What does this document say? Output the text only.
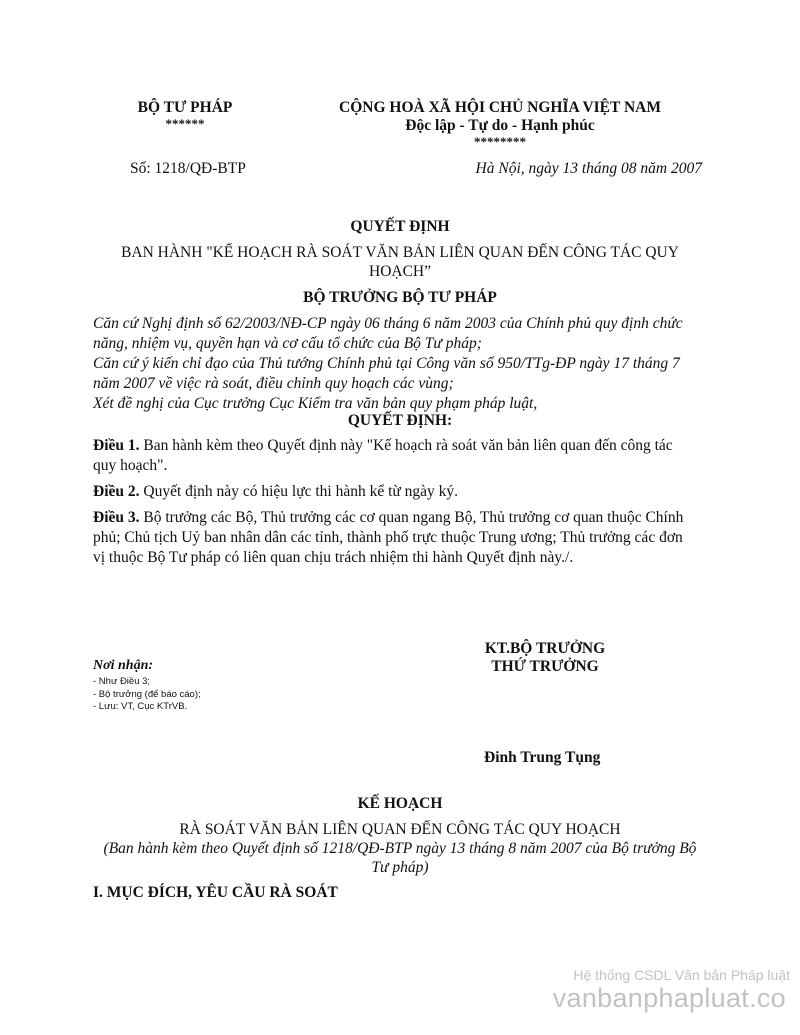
BỘ TƯ PHÁP
******
CỘNG HOÀ XÃ HỘI CHỦ NGHĨA VIỆT NAM
Độc lập - Tự do - Hạnh phúc
********
Số: 1218/QĐ-BTP	Hà Nội, ngày 13 tháng 08 năm 2007
QUYẾT ĐỊNH
BAN HÀNH "KẾ HOẠCH RÀ SOÁT VĂN BẢN LIÊN QUAN ĐẾN CÔNG TÁC QUY
HOẠCH”
BỘ TRƯỞNG BỘ TƯ PHÁP
Căn cứ Nghị định số 62/2003/NĐ-CP ngày 06 tháng 6 năm 2003 của Chính phủ quy định chức
năng, nhiệm vụ, quyền hạn và cơ cấu tổ chức của Bộ Tư pháp;
Căn cứ ý kiến chỉ đạo của Thủ tướng Chính phủ tại Công văn số 950/TTg-ĐP ngày 17 tháng 7
năm 2007 về việc rà soát, điều chỉnh quy hoạch các vùng;
Xét đề nghị của Cục trưởng Cục Kiểm tra văn bản quy phạm pháp luật,
QUYẾT ĐỊNH:
Điều 1. Ban hành kèm theo Quyết định này "Kế hoạch rà soát văn bản liên quan đến công tác
quy hoạch".
Điều 2. Quyết định này có hiệu lực thi hành kể từ ngày ký.
Điều 3. Bộ trưởng các Bộ, Thủ trưởng các cơ quan ngang Bộ, Thủ trưởng cơ quan thuộc Chính
phủ; Chủ tịch Uỷ ban nhân dân các tỉnh, thành phố trực thuộc Trung ương; Thủ trưởng các đơn
vị thuộc Bộ Tư pháp có liên quan chịu trách nhiệm thi hành Quyết định này./.
KT.BỘ TRƯỞNG
THỨ TRƯỞNG
Đinh Trung Tụng
Nơi nhận:
- Như Điều 3;
- Bộ trưởng (để báo cáo);
- Lưu: VT, Cục KTrVB.
KẾ HOẠCH
RÀ SOÁT VĂN BẢN LIÊN QUAN ĐẾN CÔNG TÁC QUY HOẠCH
(Ban hành kèm theo Quyết định số 1218/QĐ-BTP ngày 13 tháng 8 năm 2007 của Bộ trưởng Bộ
Tư pháp)
I. MỤC ĐÍCH, YÊU CẦU RÀ SOÁT
Hệ thống CSDL Văn bản Pháp luật
vanbanphapluat.co
